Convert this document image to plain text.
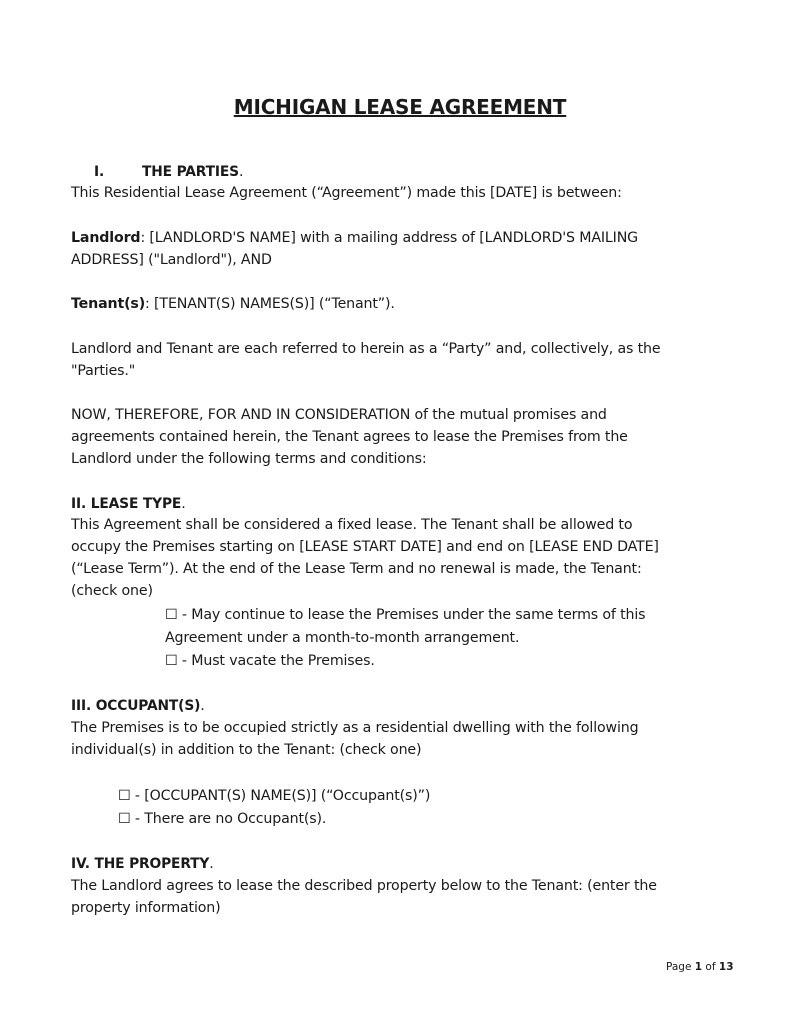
MICHIGAN LEASE AGREEMENT
I.	THE PARTIES.
This Residential Lease Agreement (“Agreement”) made this [DATE] is between:
Landlord: [LANDLORD'S NAME] with a mailing address of [LANDLORD'S MAILING
ADDRESS] ("Landlord"), AND
Tenant(s): [TENANT(S) NAMES(S)] (“Tenant”).
Landlord and Tenant are each referred to herein as a “Party” and, collectively, as the
"Parties."
NOW, THEREFORE, FOR AND IN CONSIDERATION of the mutual promises and
agreements contained herein, the Tenant agrees to lease the Premises from the
Landlord under the following terms and conditions:
II. LEASE TYPE.
This Agreement shall be considered a fixed lease. The Tenant shall be allowed to
occupy the Premises starting on [LEASE START DATE] and end on [LEASE END DATE]
(“Lease Term”). At the end of the Lease Term and no renewal is made, the Tenant:
(check one)
☐ - May continue to lease the Premises under the same terms of this
Agreement under a month-to-month arrangement.
☐ - Must vacate the Premises.
III. OCCUPANT(S).
The Premises is to be occupied strictly as a residential dwelling with the following
individual(s) in addition to the Tenant: (check one)
☐ - [OCCUPANT(S) NAME(S)] (“Occupant(s)”)
☐ - There are no Occupant(s).
IV. THE PROPERTY.
The Landlord agrees to lease the described property below to the Tenant: (enter the
property information)
Page 1 of 13
